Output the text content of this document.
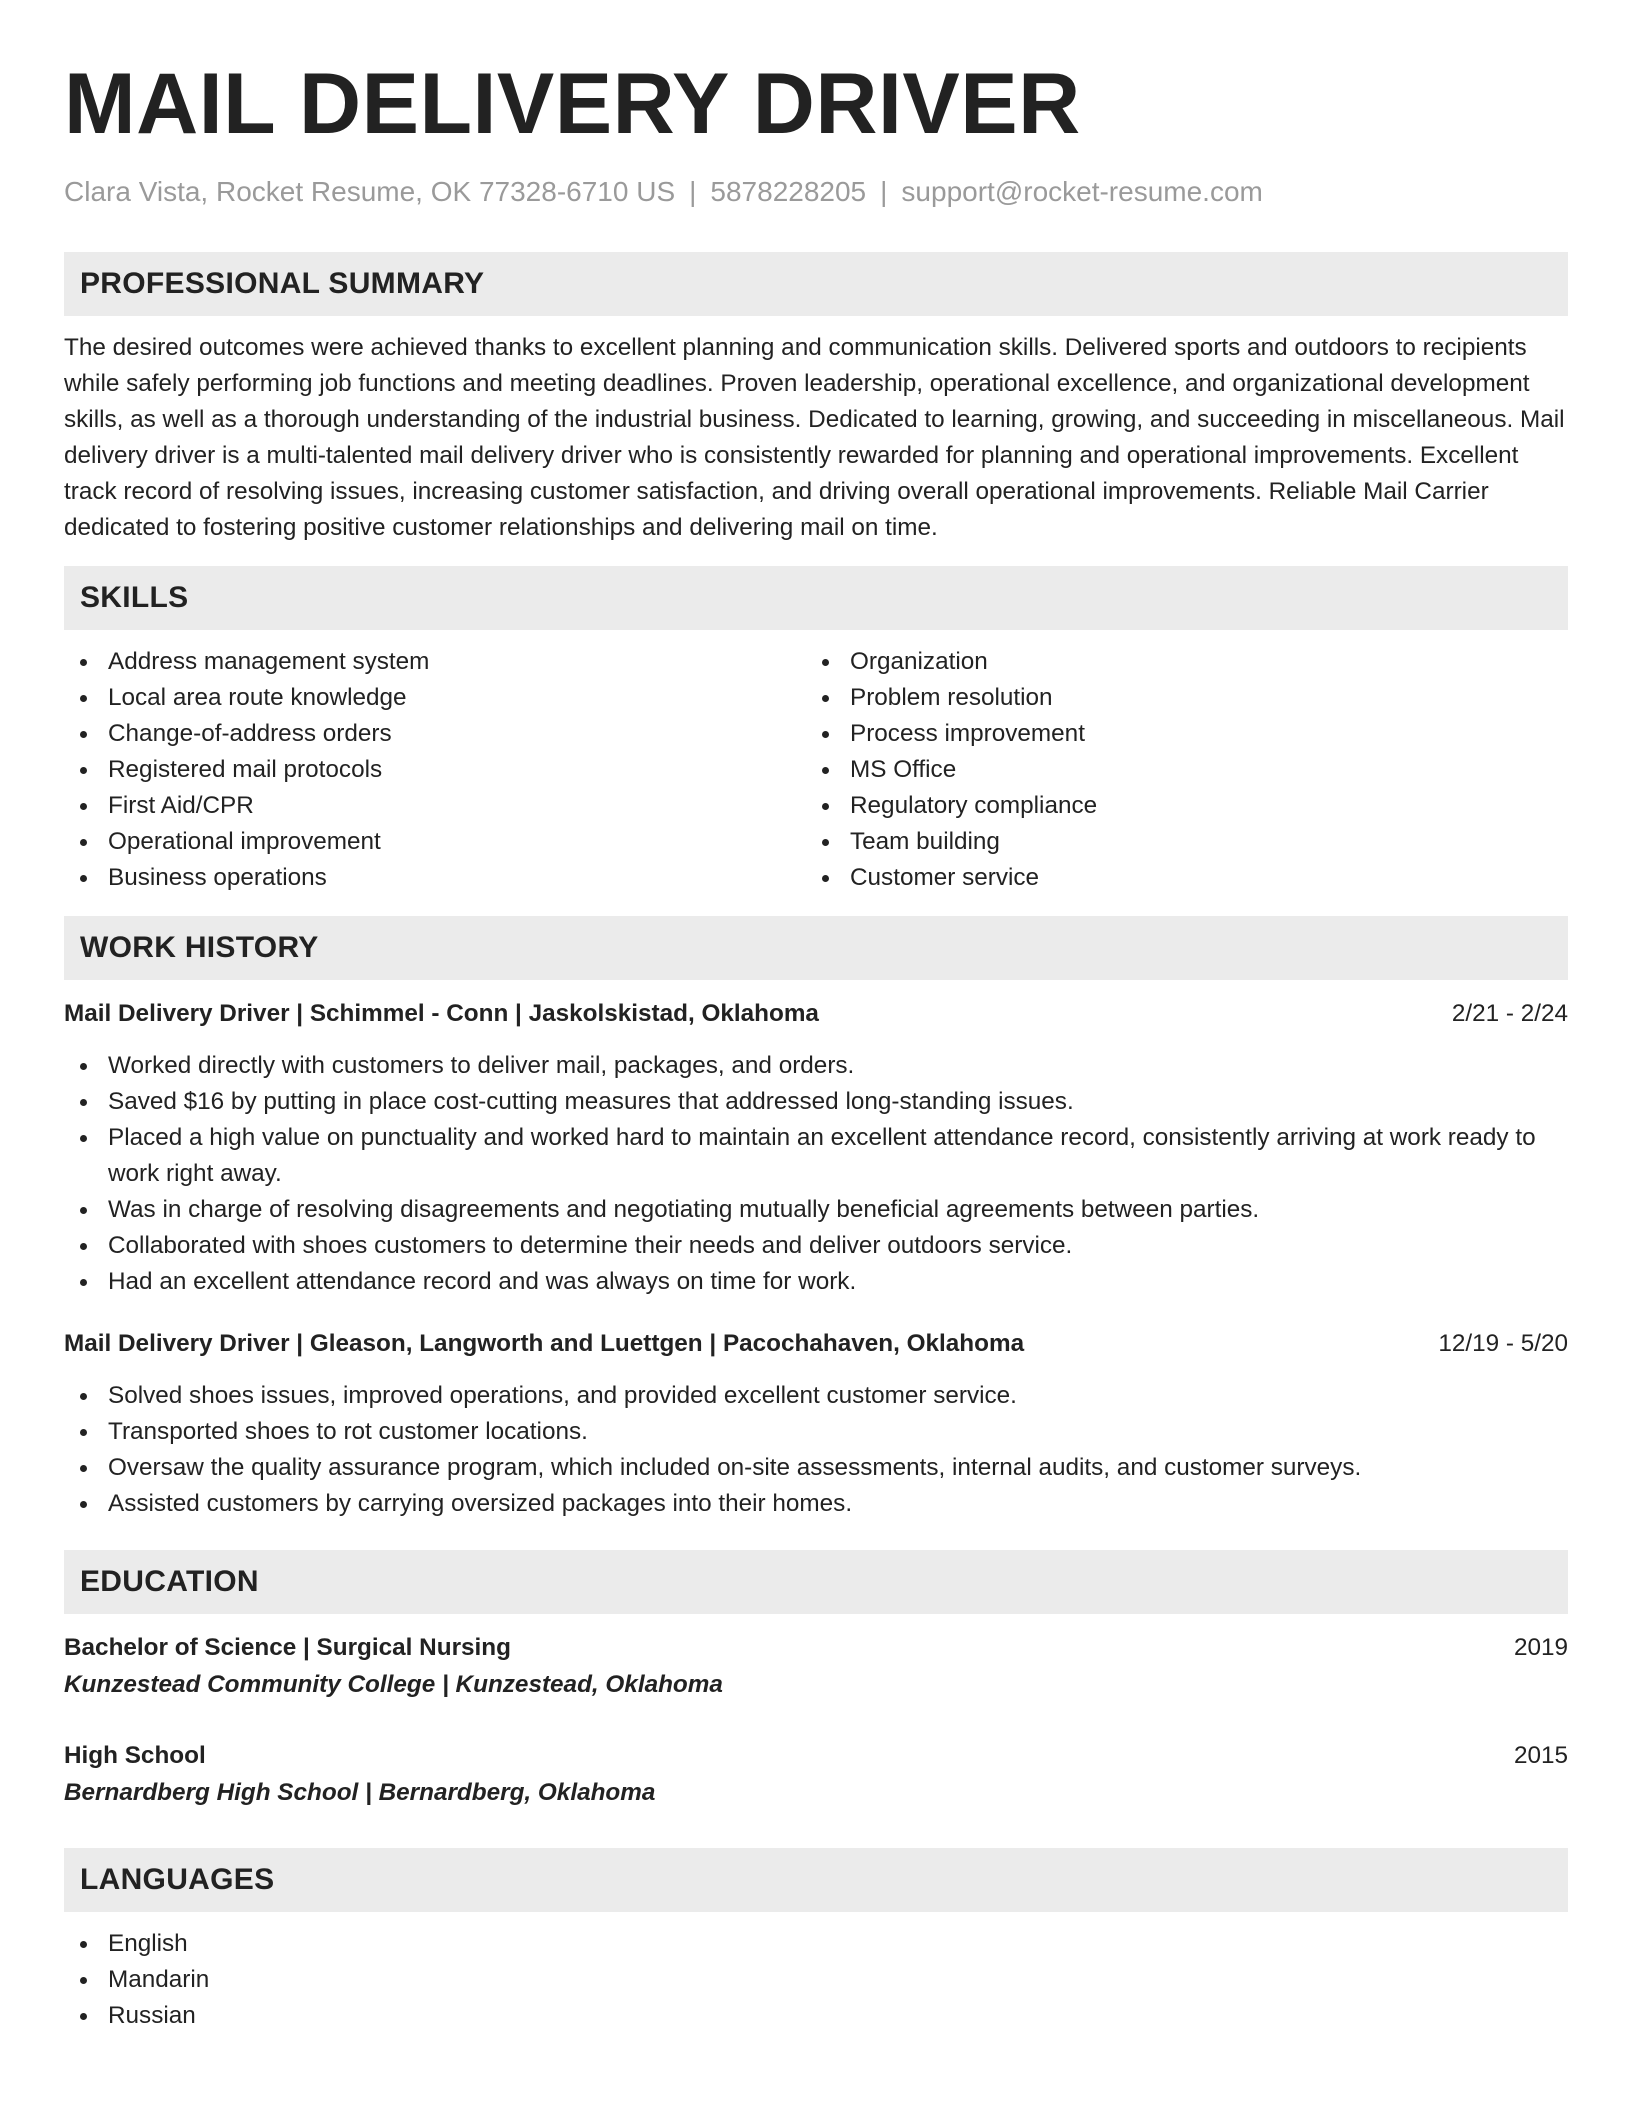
MAIL DELIVERY DRIVER
Clara Vista, Rocket Resume, OK 77328-6710 US | 5878228205 | support@rocket-resume.com
PROFESSIONAL SUMMARY

The desired outcomes were achieved thanks to excellent planning and communication skills. Delivered sports and outdoors to recipients while safely performing job functions and meeting deadlines. Proven leadership, operational excellence, and organizational development skills, as well as a thorough understanding of the industrial business. Dedicated to learning, growing, and succeeding in miscellaneous. Mail delivery driver is a multi-talented mail delivery driver who is consistently rewarded for planning and operational improvements. Excellent track record of resolving issues, increasing customer satisfaction, and driving overall operational improvements. Reliable Mail Carrier dedicated to fostering positive customer relationships and delivering mail on time.

SKILLS
Address management system
Local area route knowledge
Change-of-address orders
Registered mail protocols
First Aid/CPR
Operational improvement
Business operations
Organization
Problem resolution
Process improvement
MS Office
Regulatory compliance
Team building
Customer service
WORK HISTORY
Mail Delivery Driver | Schimmel - Conn | Jaskolskistad, Oklahoma	2/21 - 2/24
Worked directly with customers to deliver mail, packages, and orders.
Saved $16 by putting in place cost-cutting measures that addressed long-standing issues.
Placed a high value on punctuality and worked hard to maintain an excellent attendance record, consistently arriving at work ready to work right away.
Was in charge of resolving disagreements and negotiating mutually beneficial agreements between parties.
Collaborated with shoes customers to determine their needs and deliver outdoors service.
Had an excellent attendance record and was always on time for work.
Mail Delivery Driver | Gleason, Langworth and Luettgen | Pacochahaven, Oklahoma	12/19 - 5/20
Solved shoes issues, improved operations, and provided excellent customer service.
Transported shoes to rot customer locations.
Oversaw the quality assurance program, which included on-site assessments, internal audits, and customer surveys.
Assisted customers by carrying oversized packages into their homes.
EDUCATION
Bachelor of Science | Surgical Nursing	2019
Kunzestead Community College | Kunzestead, Oklahoma
High School	2015
Bernardberg High School | Bernardberg, Oklahoma
LANGUAGES
English
Mandarin
Russian
